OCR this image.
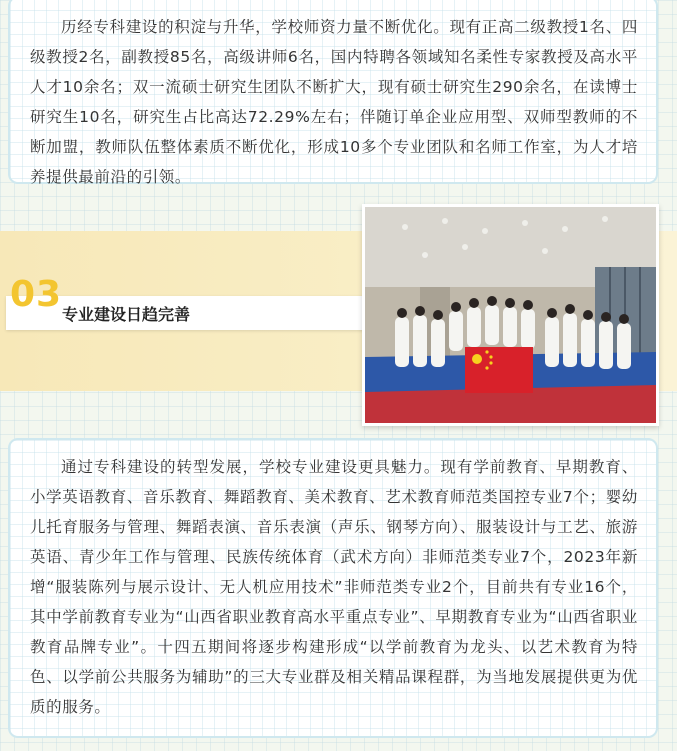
历经专科建设的积淀与升华，学校师资力量不断优化。现有正高二级教授1名、四级教授2名，副教授85名，高级讲师6名，国内特聘各领域知名柔性专家教授及高水平人才10余名；双一流硕士研究生团队不断扩大，现有硕士研究生290余名，在读博士研究生10名，研究生占比高达72.29%左右；伴随订单企业应用型、双师型教师的不断加盟，教师队伍整体素质不断优化，形成10多个专业团队和名师工作室，为人才培养提供最前沿的引领。

03 专业建设日趋完善

通过专科建设的转型发展，学校专业建设更具魅力。现有学前教育、早期教育、小学英语教育、音乐教育、舞蹈教育、美术教育、艺术教育师范类国控专业7个；婴幼儿托育服务与管理、舞蹈表演、音乐表演（声乐、钢琴方向）、服装设计与工艺、旅游英语、青少年工作与管理、民族传统体育（武术方向）非师范类专业7个，2023年新增“服装陈列与展示设计、无人机应用技术”非师范类专业2个，目前共有专业16个，其中学前教育专业为“山西省职业教育高水平重点专业”、早期教育专业为“山西省职业教育品牌专业”。十四五期间将逐步构建形成“以学前教育为龙头、以艺术教育为特色、以学前公共服务为辅助”的三大专业群及相关精品课程群，为当地发展提供更为优质的服务。
